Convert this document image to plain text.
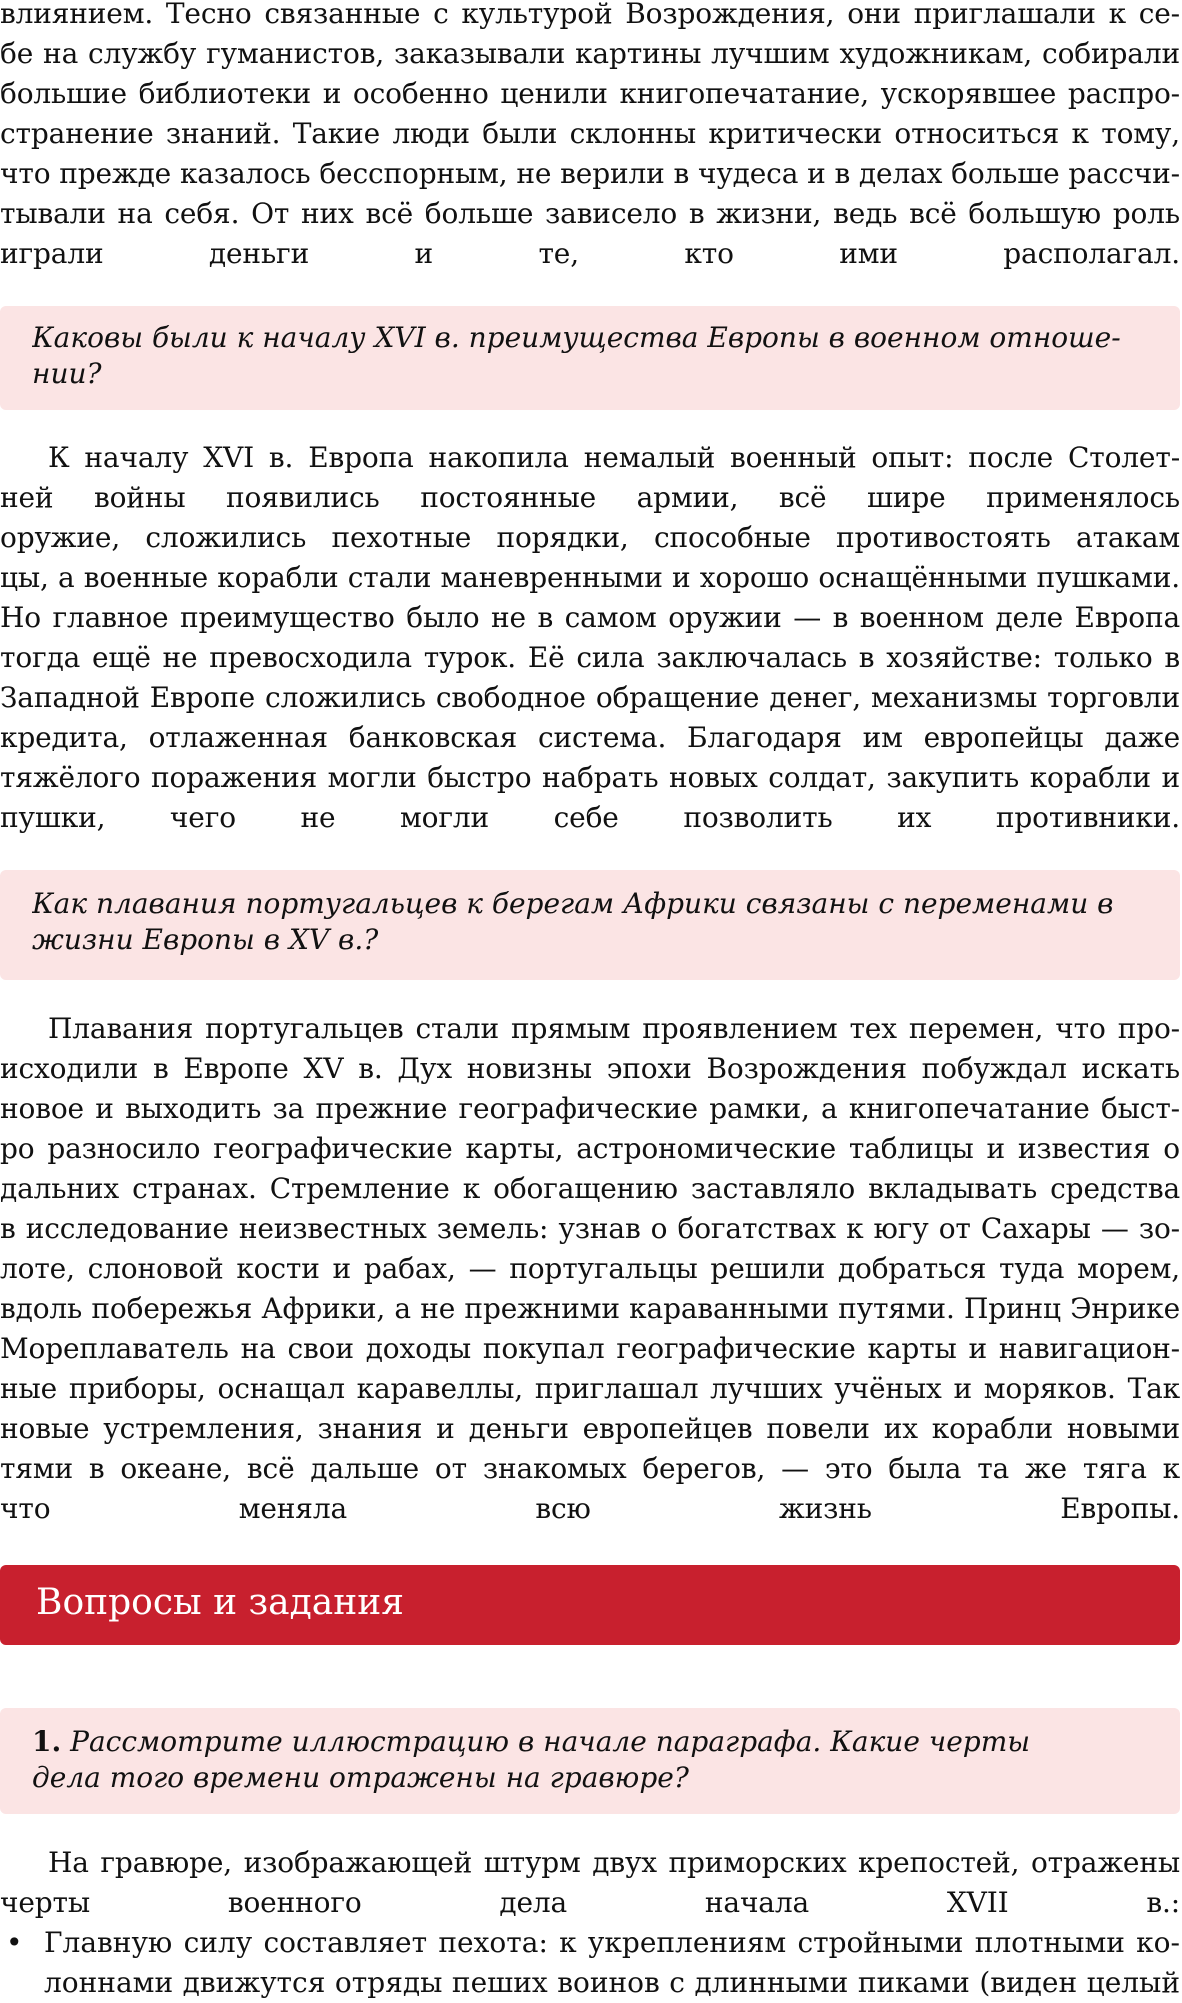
влиянием. Тесно связанные с культурой Возрождения, они приглашали к се-
бе на службу гуманистов, заказывали картины лучшим художникам, собирали
большие библиотеки и особенно ценили книгопечатание, ускорявшее распро-
странение знаний. Такие люди были склонны критически относиться к тому,
что прежде казалось бесспорным, не верили в чудеса и в делах больше рассчи-
тывали на себя. От них всё больше зависело в жизни, ведь всё большую роль
играли деньги и те, кто ими располагал.
Каковы были к началу XVI в. преимущества Европы в военном отноше-
нии?
К началу XVI в. Европа накопила немалый военный опыт: после Столет-
ней войны появились постоянные армии, всё шире применялось
оружие, сложились пехотные порядки, способные противостоять атакам
цы, а военные корабли стали маневренными и хорошо оснащёнными пушками.
Но главное преимущество было не в самом оружии — в военном деле Европа
тогда ещё не превосходила турок. Её сила заключалась в хозяйстве: только в
Западной Европе сложились свободное обращение денег, механизмы торговли
кредита, отлаженная банковская система. Благодаря им европейцы даже
тяжёлого поражения могли быстро набрать новых солдат, закупить корабли и
пушки, чего не могли себе позволить их противники.
Как плавания португальцев к берегам Африки связаны с переменами в
жизни Европы в XV в.?
Плавания португальцев стали прямым проявлением тех перемен, что про-
исходили в Европе XV в. Дух новизны эпохи Возрождения побуждал искать
новое и выходить за прежние географические рамки, а книгопечатание быст-
ро разносило географические карты, астрономические таблицы и известия о
дальних странах. Стремление к обогащению заставляло вкладывать средства
в исследование неизвестных земель: узнав о богатствах к югу от Сахары — зо-
лоте, слоновой кости и рабах, — португальцы решили добраться туда морем,
вдоль побережья Африки, а не прежними караванными путями. Принц Энрике
Мореплаватель на свои доходы покупал географические карты и навигацион-
ные приборы, оснащал каравеллы, приглашал лучших учёных и моряков. Так
новые устремления, знания и деньги европейцев повели их корабли новыми
тями в океане, всё дальше от знакомых берегов, — это была та же тяга к
что меняла всю жизнь Европы.
Вопросы и задания
1. Рассмотрите иллюстрацию в начале параграфа. Какие черты
дела того времени отражены на гравюре?
На гравюре, изображающей штурм двух приморских крепостей, отражены
черты военного дела начала XVII в.:
• Главную силу составляет пехота: к укреплениям стройными плотными ко-
лоннами движутся отряды пеших воинов с длинными пиками (виден целый
